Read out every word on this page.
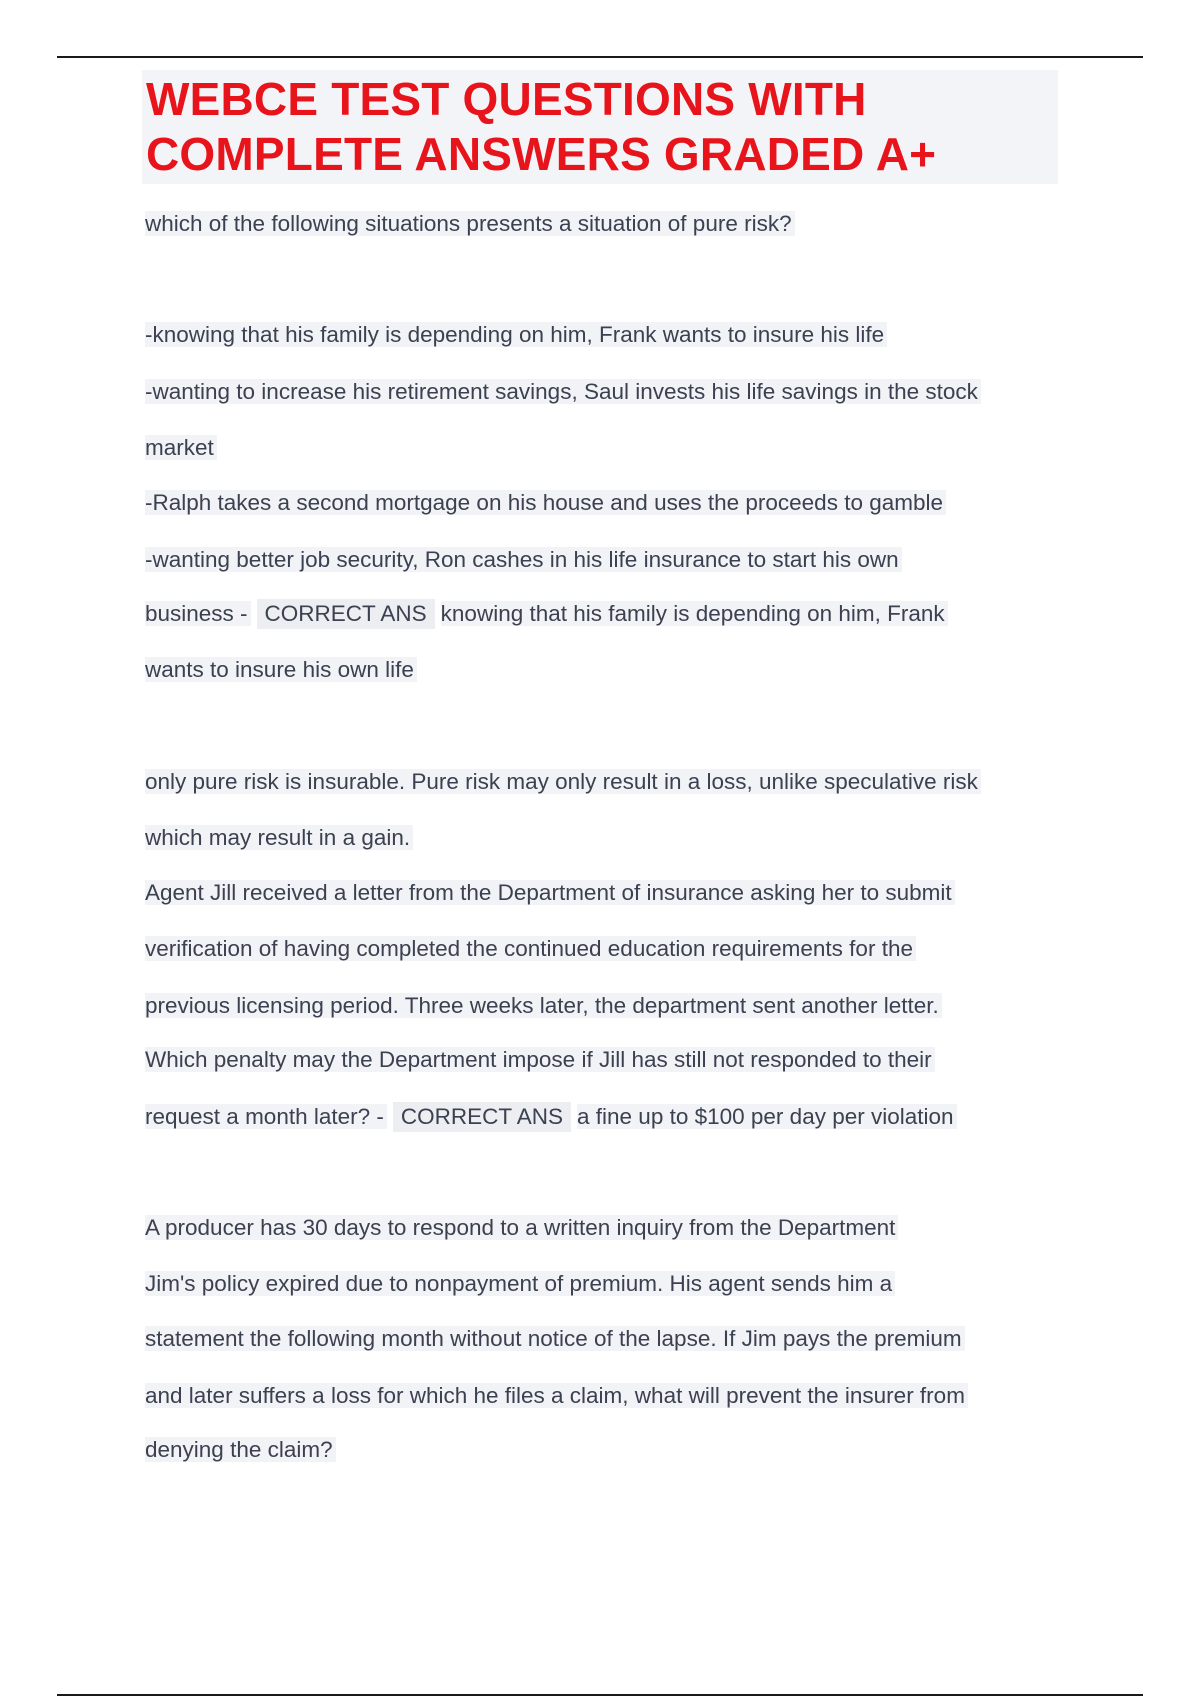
WEBCE TEST QUESTIONS WITH
COMPLETE ANSWERS GRADED A+
which of the following situations presents a situation of pure risk?
-knowing that his family is depending on him, Frank wants to insure his life
-wanting to increase his retirement savings, Saul invests his life savings in the stock
market
-Ralph takes a second mortgage on his house and uses the proceeds to gamble
-wanting better job security, Ron cashes in his life insurance to start his own
business - CORRECT ANS knowing that his family is depending on him, Frank
wants to insure his own life
only pure risk is insurable. Pure risk may only result in a loss, unlike speculative risk
which may result in a gain.
Agent Jill received a letter from the Department of insurance asking her to submit
verification of having completed the continued education requirements for the
previous licensing period. Three weeks later, the department sent another letter.
Which penalty may the Department impose if Jill has still not responded to their
request a month later? - CORRECT ANS a fine up to $100 per day per violation
A producer has 30 days to respond to a written inquiry from the Department
Jim's policy expired due to nonpayment of premium. His agent sends him a
statement the following month without notice of the lapse. If Jim pays the premium
and later suffers a loss for which he files a claim, what will prevent the insurer from
denying the claim?
